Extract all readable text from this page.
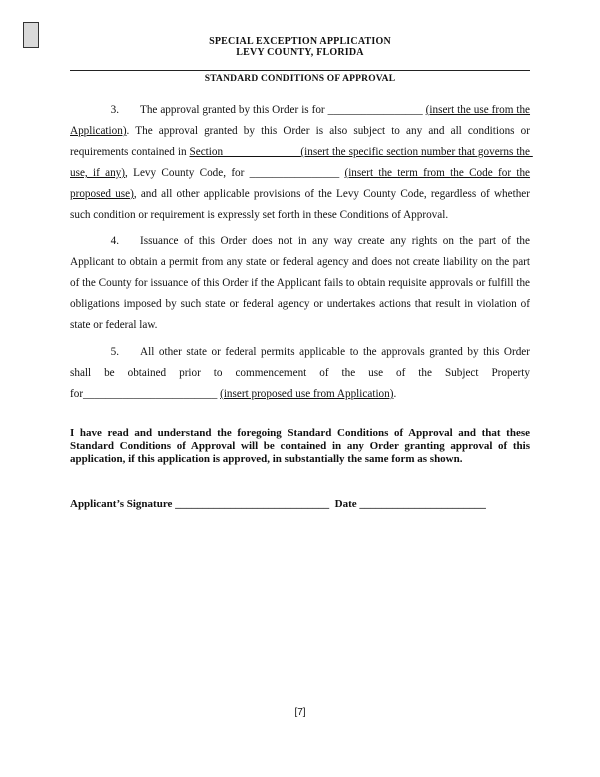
SPECIAL EXCEPTION APPLICATION
LEVY COUNTY, FLORIDA
STANDARD CONDITIONS OF APPROVAL
3. The approval granted by this Order is for _________________ (insert the use from the Application). The approval granted by this Order is also subject to any and all conditions or requirements contained in Section                          (insert the specific section number that governs the use, if any), Levy County Code, for ________________ (insert the term from the Code for the proposed use), and all other applicable provisions of the Levy County Code, regardless of whether such condition or requirement is expressly set forth in these Conditions of Approval.
4. Issuance of this Order does not in any way create any rights on the part of the Applicant to obtain a permit from any state or federal agency and does not create liability on the part of the County for issuance of this Order if the Applicant fails to obtain requisite approvals or fulfill the obligations imposed by such state or federal agency or undertakes actions that result in violation of state or federal law.
5. All other state or federal permits applicable to the approvals granted by this Order shall be obtained prior to commencement of the use of the Subject Property for________________________ (insert proposed use from Application).
I have read and understand the foregoing Standard Conditions of Approval and that these Standard Conditions of Approval will be contained in any Order granting approval of this application, if this application is approved, in substantially the same form as shown.
Applicant’s Signature ____________________________ Date _______________________
[7]
